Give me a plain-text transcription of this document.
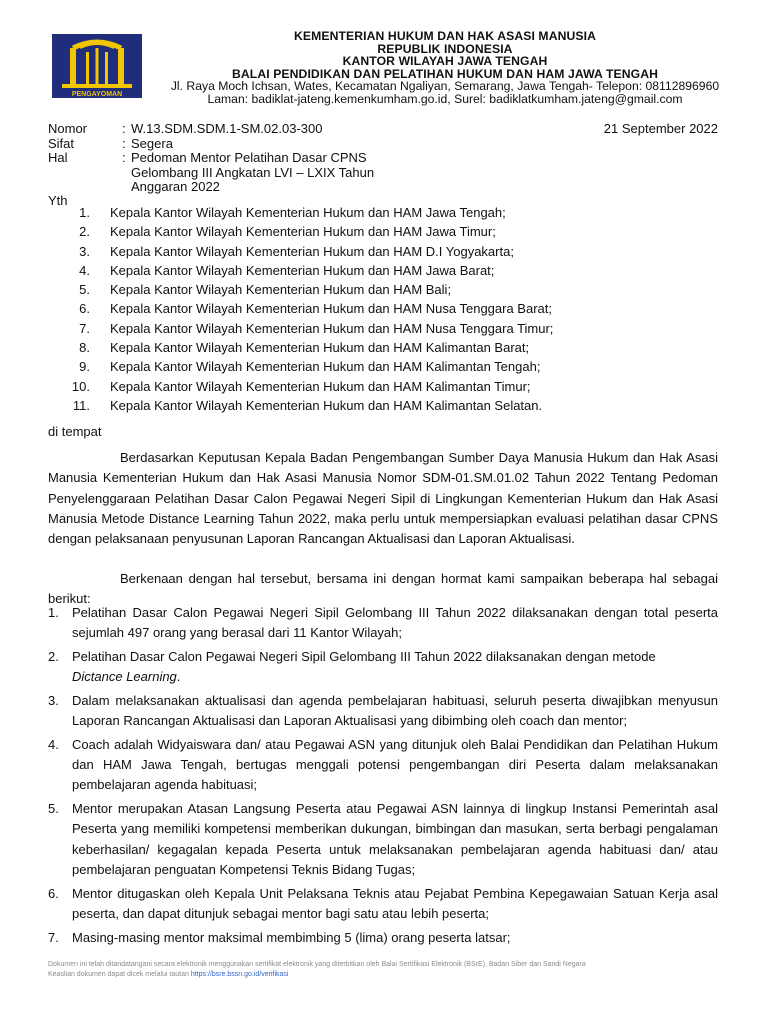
PENGAYOMAN
KEMENTERIAN HUKUM DAN HAK ASASI MANUSIA
REPUBLIK INDONESIA
KANTOR WILAYAH JAWA TENGAH
BALAI PENDIDIKAN DAN PELATIHAN HUKUM DAN HAM JAWA TENGAH
Jl. Raya Moch Ichsan, Wates, Kecamatan Ngaliyan, Semarang, Jawa Tengah- Telepon: 08112896960
Laman: badiklat-jateng.kemenkumham.go.id, Surel: badiklatkumham.jateng@gmail.com
Nomor	: W.13.SDM.SDM.1-SM.02.03-300
Sifat	: Segera
Hal	: Pedoman Mentor Pelatihan Dasar CPNS
Gelombang III Angkatan LVI – LXIX Tahun
Anggaran 2022
21 September 2022
Yth
1.	Kepala Kantor Wilayah Kementerian Hukum dan HAM Jawa Tengah;
2.	Kepala Kantor Wilayah Kementerian Hukum dan HAM Jawa Timur;
3.	Kepala Kantor Wilayah Kementerian Hukum dan HAM D.I Yogyakarta;
4.	Kepala Kantor Wilayah Kementerian Hukum dan HAM Jawa Barat;
5.	Kepala Kantor Wilayah Kementerian Hukum dan HAM Bali;
6.	Kepala Kantor Wilayah Kementerian Hukum dan HAM Nusa Tenggara Barat;
7.	Kepala Kantor Wilayah Kementerian Hukum dan HAM Nusa Tenggara Timur;
8.	Kepala Kantor Wilayah Kementerian Hukum dan HAM Kalimantan Barat;
9.	Kepala Kantor Wilayah Kementerian Hukum dan HAM Kalimantan Tengah;
10.	Kepala Kantor Wilayah Kementerian Hukum dan HAM Kalimantan Timur;
11.	Kepala Kantor Wilayah Kementerian Hukum dan HAM Kalimantan Selatan.
di tempat

Berdasarkan Keputusan Kepala Badan Pengembangan Sumber Daya Manusia Hukum dan Hak Asasi Manusia Kementerian Hukum dan Hak Asasi Manusia Nomor SDM-01.SM.01.02 Tahun 2022 Tentang Pedoman Penyelenggaraan Pelatihan Dasar Calon Pegawai Negeri Sipil di Lingkungan Kementerian Hukum dan Hak Asasi Manusia Metode Distance Learning Tahun 2022, maka perlu untuk mempersiapkan evaluasi pelatihan dasar CPNS dengan pelaksanaan penyusunan Laporan Rancangan Aktualisasi dan Laporan Aktualisasi.

Berkenaan dengan hal tersebut, bersama ini dengan hormat kami sampaikan beberapa hal sebagai berikut:

1.	Pelatihan Dasar Calon Pegawai Negeri Sipil Gelombang III Tahun 2022 dilaksanakan dengan total peserta sejumlah 497 orang yang berasal dari 11 Kantor Wilayah;
2.	Pelatihan Dasar Calon Pegawai Negeri Sipil Gelombang III Tahun 2022 dilaksanakan dengan metode
Dictance Learning.
3.	Dalam melaksanakan aktualisasi dan agenda pembelajaran habituasi, seluruh peserta diwajibkan menyusun Laporan Rancangan Aktualisasi dan Laporan Aktualisasi yang dibimbing oleh coach dan mentor;
4.	Coach adalah Widyaiswara dan/ atau Pegawai ASN yang ditunjuk oleh Balai Pendidikan dan Pelatihan Hukum dan HAM Jawa Tengah, bertugas menggali potensi pengembangan diri Peserta dalam melaksanakan pembelajaran agenda habituasi;
5.	Mentor merupakan Atasan Langsung Peserta atau Pegawai ASN lainnya di lingkup Instansi Pemerintah asal Peserta yang memiliki kompetensi memberikan dukungan, bimbingan dan masukan, serta berbagi pengalaman keberhasilan/ kegagalan kepada Peserta untuk melaksanakan pembelajaran agenda habituasi dan/ atau pembelajaran penguatan Kompetensi Teknis Bidang Tugas;
6.	Mentor ditugaskan oleh Kepala Unit Pelaksana Teknis atau Pejabat Pembina Kepegawaian Satuan Kerja asal peserta, dan dapat ditunjuk sebagai mentor bagi satu atau lebih peserta;
7.	Masing-masing mentor maksimal membimbing 5 (lima) orang peserta latsar;
Dokumen ini telah ditandatangani secara elektronik menggunakan sertifikat elektronik yang diterbitkan oleh Balai Sertifikasi Elektronik (BSrE), Badan Siber dan Sandi Negara
Keaslian dokumen dapat dicek melalui tautan https://bsre.bssn.go.id/verifikasi
